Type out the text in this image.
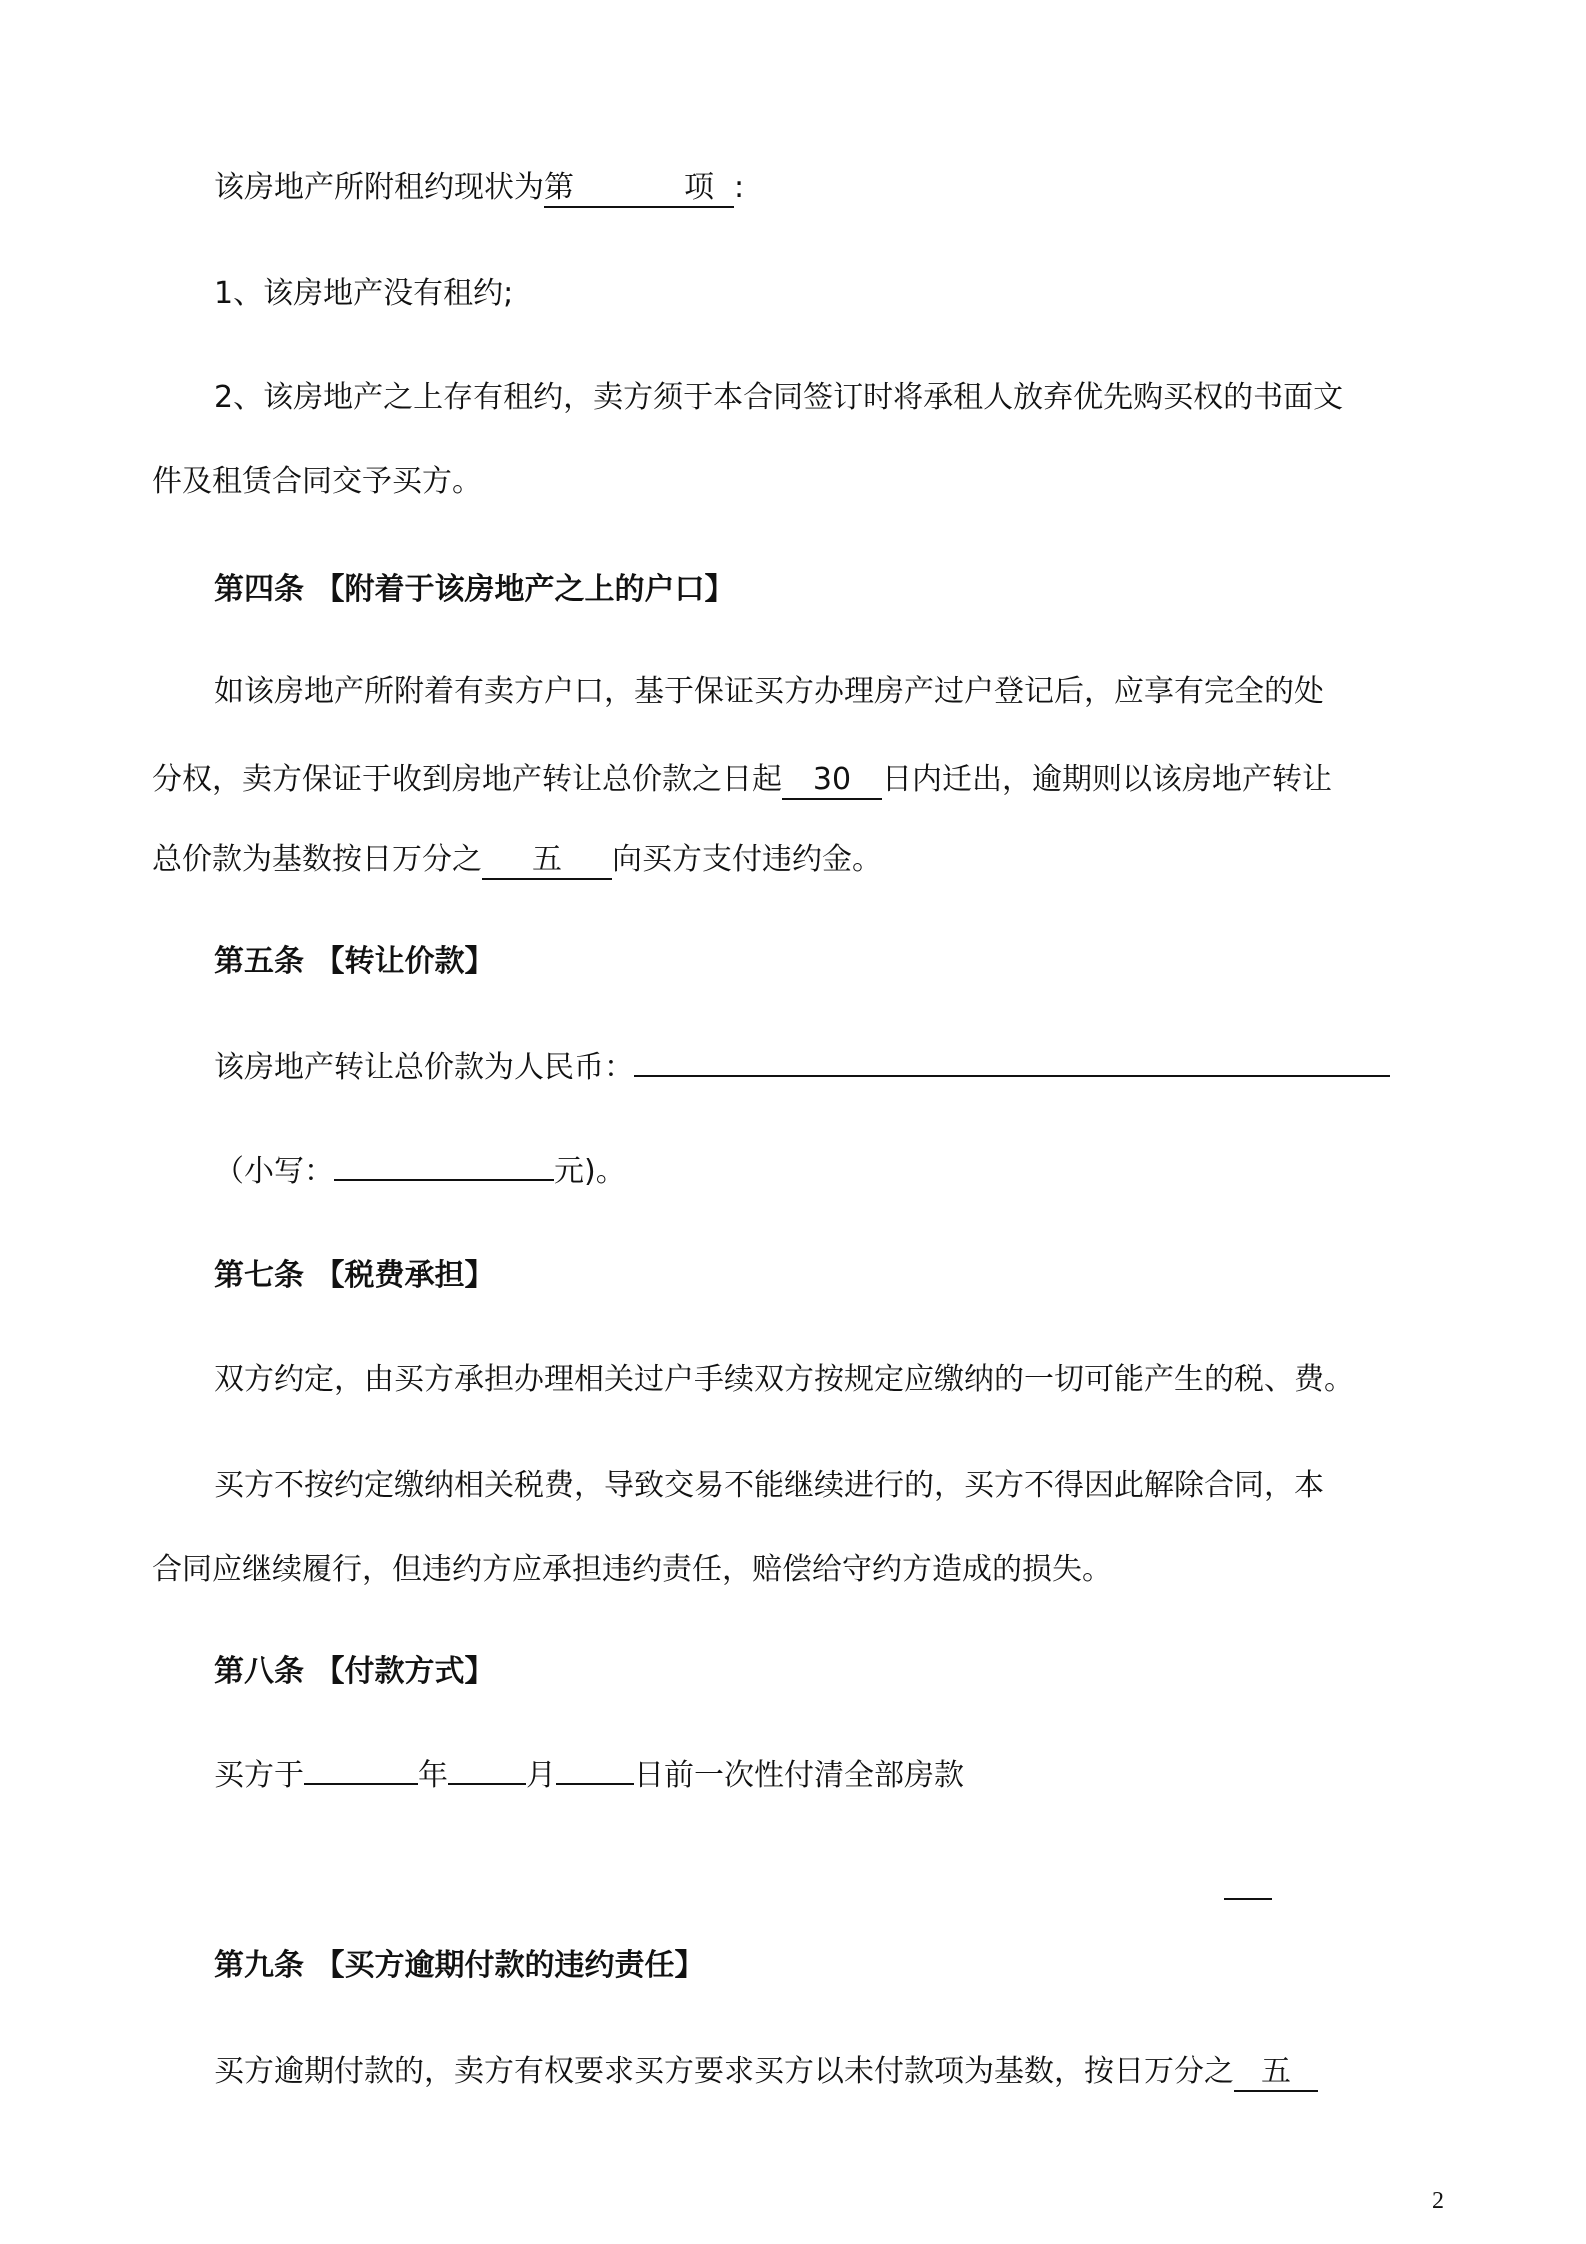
该房地产所附租约现状为第	项 :
1、该房地产没有租约;
2、该房地产之上存有租约，卖方须于本合同签订时将承租人放弃优先购买权的书面文
件及租赁合同交予买方。
第四条 【附着于该房地产之上的户口】
如该房地产所附着有卖方户口，基于保证买方办理房产过户登记后，应享有完全的处
分权，卖方保证于收到房地产转让总价款之日起 30 日内迁出，逾期则以该房地产转让
总价款为基数按日万分之 五 向买方支付违约金。
第五条 【转让价款】
该房地产转让总价款为人民币：
（小写：	元)。
第七条 【税费承担】
双方约定，由买方承担办理相关过户手续双方按规定应缴纳的一切可能产生的税、费。
买方不按约定缴纳相关税费，导致交易不能继续进行的，买方不得因此解除合同，本
合同应继续履行，但违约方应承担违约责任，赔偿给守约方造成的损失。
第八条 【付款方式】
买方于	年	月	日前一次性付清全部房款
第九条 【买方逾期付款的违约责任】
买方逾期付款的，卖方有权要求买方要求买方以未付款项为基数，按日万分之 五
2
